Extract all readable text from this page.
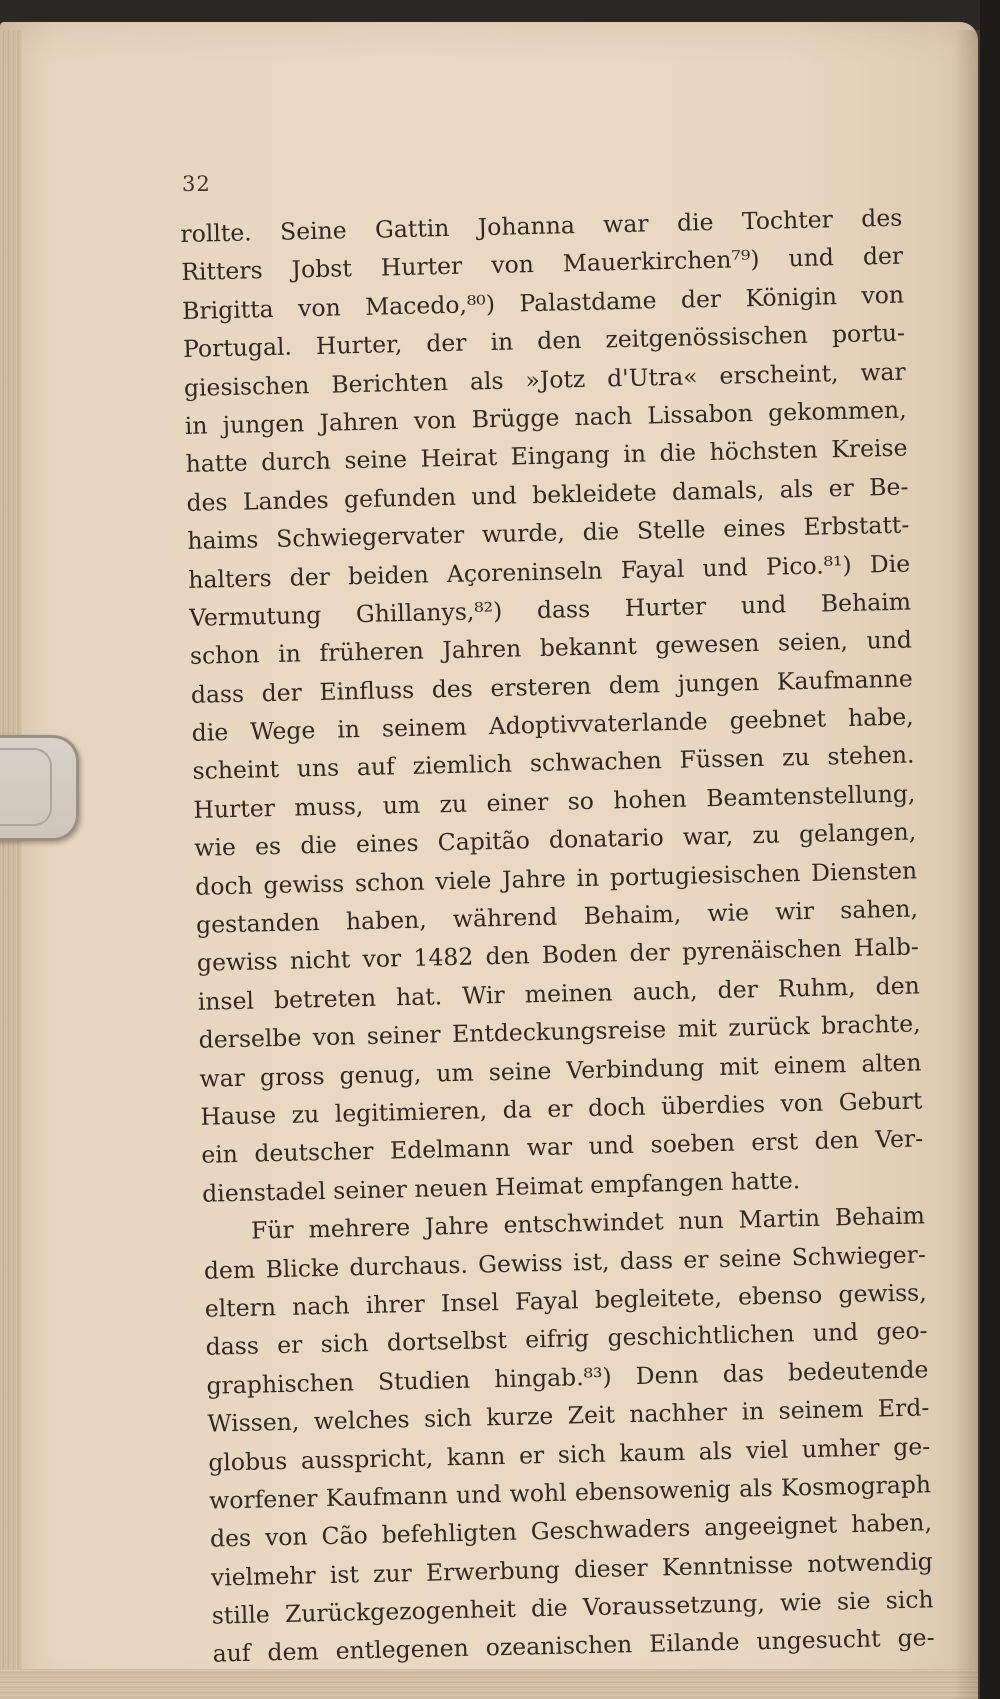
32
rollte. Seine Gattin Johanna war die Tochter des
Ritters Jobst Hurter von Mauerkirchen⁷⁹) und der
Brigitta von Macedo,⁸⁰) Palastdame der Königin von
Portugal. Hurter, der in den zeitgenössischen portu-
giesischen Berichten als »Jotz d'Utra« erscheint, war
in jungen Jahren von Brügge nach Lissabon gekommen,
hatte durch seine Heirat Eingang in die höchsten Kreise
des Landes gefunden und bekleidete damals, als er Be-
haims Schwiegervater wurde, die Stelle eines Erbstatt-
halters der beiden Açoreninseln Fayal und Pico.⁸¹) Die
Vermutung Ghillanys,⁸²) dass Hurter und Behaim
schon in früheren Jahren bekannt gewesen seien, und
dass der Einfluss des ersteren dem jungen Kaufmanne
die Wege in seinem Adoptivvaterlande geebnet habe,
scheint uns auf ziemlich schwachen Füssen zu stehen.
Hurter muss, um zu einer so hohen Beamtenstellung,
wie es die eines Capitão donatario war, zu gelangen,
doch gewiss schon viele Jahre in portugiesischen Diensten
gestanden haben, während Behaim, wie wir sahen,
gewiss nicht vor 1482 den Boden der pyrenäischen Halb-
insel betreten hat. Wir meinen auch, der Ruhm, den
derselbe von seiner Entdeckungsreise mit zurück brachte,
war gross genug, um seine Verbindung mit einem alten
Hause zu legitimieren, da er doch überdies von Geburt
ein deutscher Edelmann war und soeben erst den Ver-
dienstadel seiner neuen Heimat empfangen hatte.
Für mehrere Jahre entschwindet nun Martin Behaim
dem Blicke durchaus. Gewiss ist, dass er seine Schwieger-
eltern nach ihrer Insel Fayal begleitete, ebenso gewiss,
dass er sich dortselbst eifrig geschichtlichen und geo-
graphischen Studien hingab.⁸³) Denn das bedeutende
Wissen, welches sich kurze Zeit nachher in seinem Erd-
globus ausspricht, kann er sich kaum als viel umher ge-
worfener Kaufmann und wohl ebensowenig als Kosmograph
des von Cão befehligten Geschwaders angeeignet haben,
vielmehr ist zur Erwerbung dieser Kenntnisse notwendig
stille Zurückgezogenheit die Voraussetzung, wie sie sich
auf dem entlegenen ozeanischen Eilande ungesucht ge-
